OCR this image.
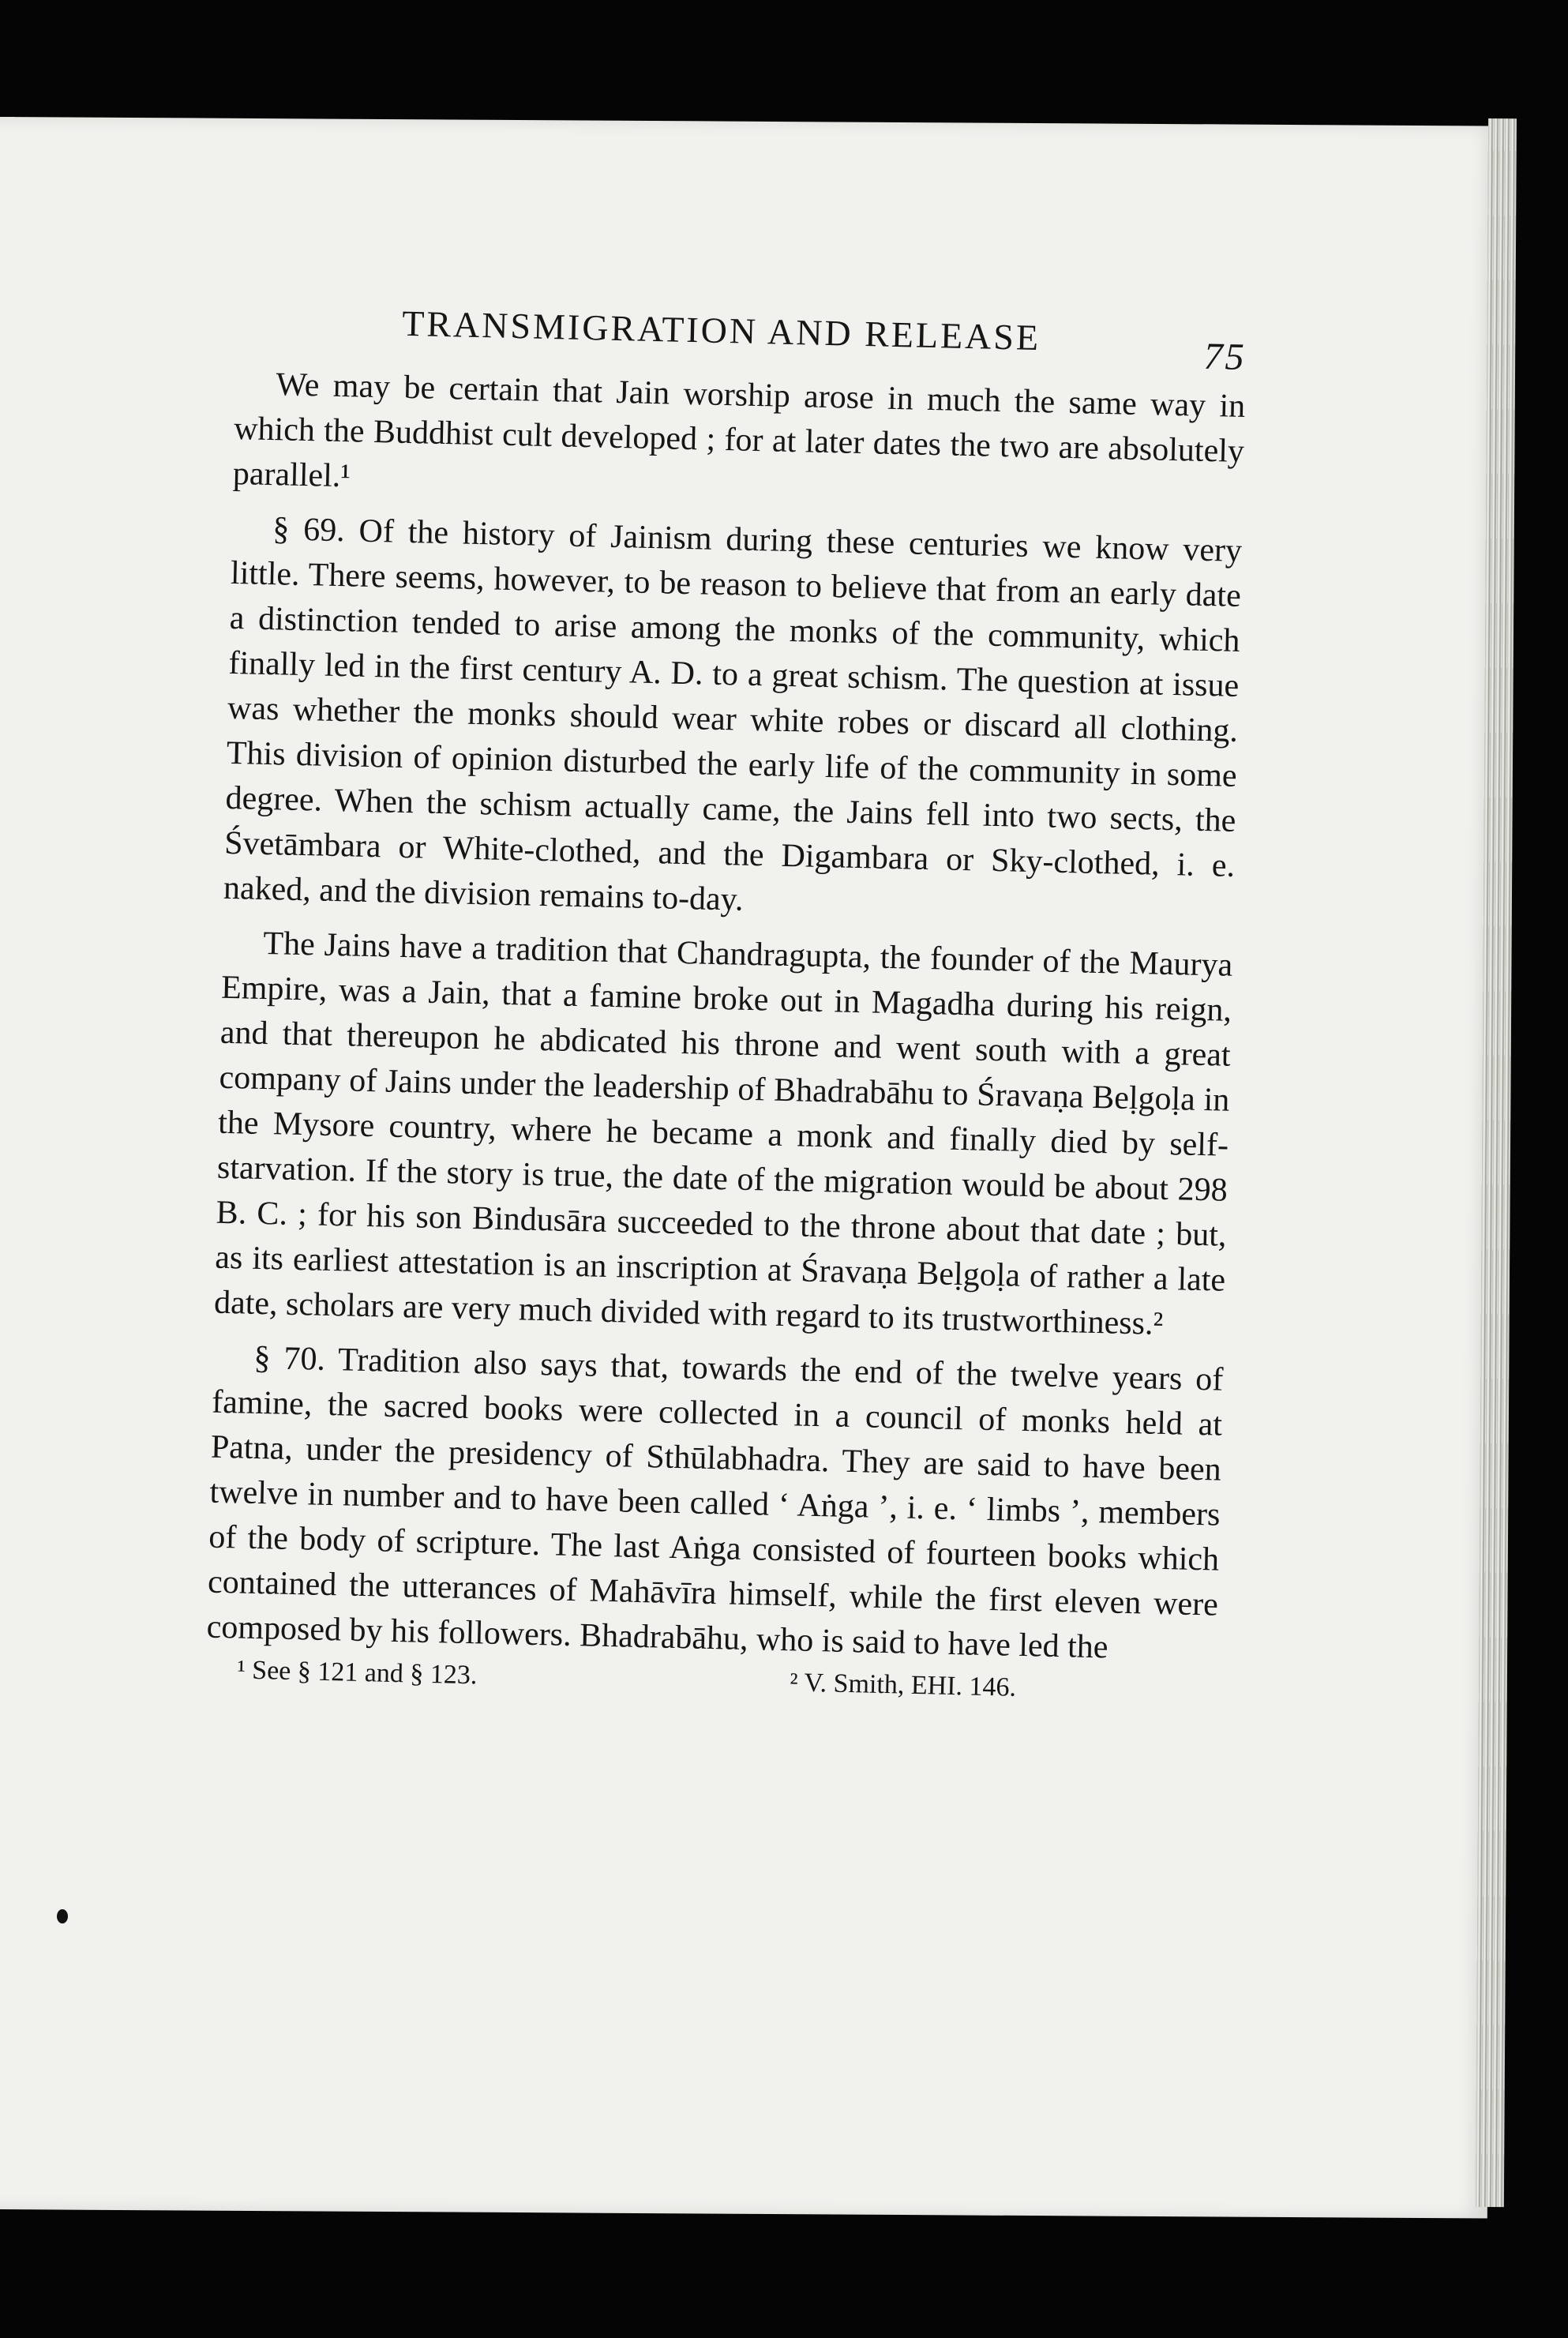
TRANSMIGRATION AND RELEASE	75

We may be certain that Jain worship arose in much the same way in which the Buddhist cult developed ; for at later dates the two are absolutely parallel.¹

§ 69. Of the history of Jainism during these centuries we know very little. There seems, however, to be reason to believe that from an early date a distinction tended to arise among the monks of the community, which finally led in the first century A. D. to a great schism. The question at issue was whether the monks should wear white robes or discard all clothing. This division of opinion disturbed the early life of the community in some degree. When the schism actually came, the Jains fell into two sects, the Śvetāmbara or White-clothed, and the Digambara or Sky-clothed, i. e. naked, and the division remains to-day.

The Jains have a tradition that Chandragupta, the founder of the Maurya Empire, was a Jain, that a famine broke out in Magadha during his reign, and that thereupon he abdicated his throne and went south with a great company of Jains under the leadership of Bhadrabāhu to Śravaṇa Beḷgoḷa in the Mysore country, where he became a monk and finally died by self-starvation. If the story is true, the date of the migration would be about 298 B. C. ; for his son Bindusāra succeeded to the throne about that date ; but, as its earliest attestation is an inscription at Śravaṇa Beḷgoḷa of rather a late date, scholars are very much divided with regard to its trustworthiness.²

§ 70. Tradition also says that, towards the end of the twelve years of famine, the sacred books were collected in a council of monks held at Patna, under the presidency of Sthūlabhadra. They are said to have been twelve in number and to have been called ‘ Aṅga ’, i. e. ‘ limbs ’, members of the body of scripture. The last Aṅga consisted of fourteen books which contained the utterances of Mahāvīra himself, while the first eleven were composed by his followers. Bhadrabāhu, who is said to have led the

¹ See § 121 and § 123.	² V. Smith, EHI. 146.
